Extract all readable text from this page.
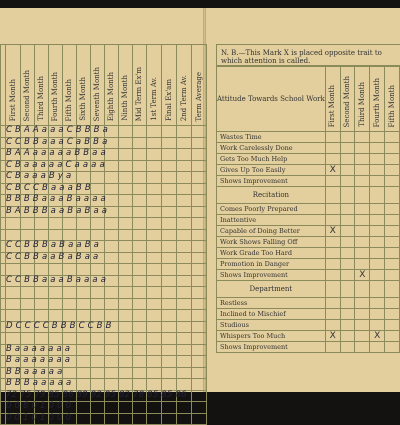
	First Month	Second Month	Third Month	Fourth Month	Fifth Month	Sixth Month	Seventh Month	Eighth Month	Ninth Month	Mid Term Ex'm	1st Term Av.	Final Ex'am	2nd Term Av.	Term Average

C B A A a a a C B B B a
C C B B a a a C a B B a
B A A a a a a a B B a a
C B a a a a a C a a a a
C B a a a B y a
C B C C B a a a B B
B B B B a a a B a a a a
B A B B B a a B a B a a
C C B B B a B a a B a
C C B B a a B a B a a
C C B B a a a B a a a a
D C C C C B B B C C B B
B a a a a a a a
B a a a a a a a
B B a a a a a
B B B a a a a a
72 75 79 85 86 89 92 95 82 78 85 85 86
0 0 6 0 1 0 0 0
0 0 1 0 1 0 0 0
N. B.—This Mark X is placed opposite trait to which attention is called.
Attitude Towards School Work	First Month	Second Month	Third Month	Fourth Month	Fifth Month
Wastes Time					
Work Carelessly Done					
Gets Too Much Help					
Gives Up Too Easily	X				
Shows Improvement					
Recitation					
Comes Poorly Prepared					
Inattentive					
Capable of Doing Better	X				
Work Shows Falling Off					
Work Grade Too Hard					
Promotion in Danger					
Shows Improvement			X		
Department					
Restless					
Inclined to Mischief					
Studious					
Whispers Too Much	X			X	
Shows Improvement					
